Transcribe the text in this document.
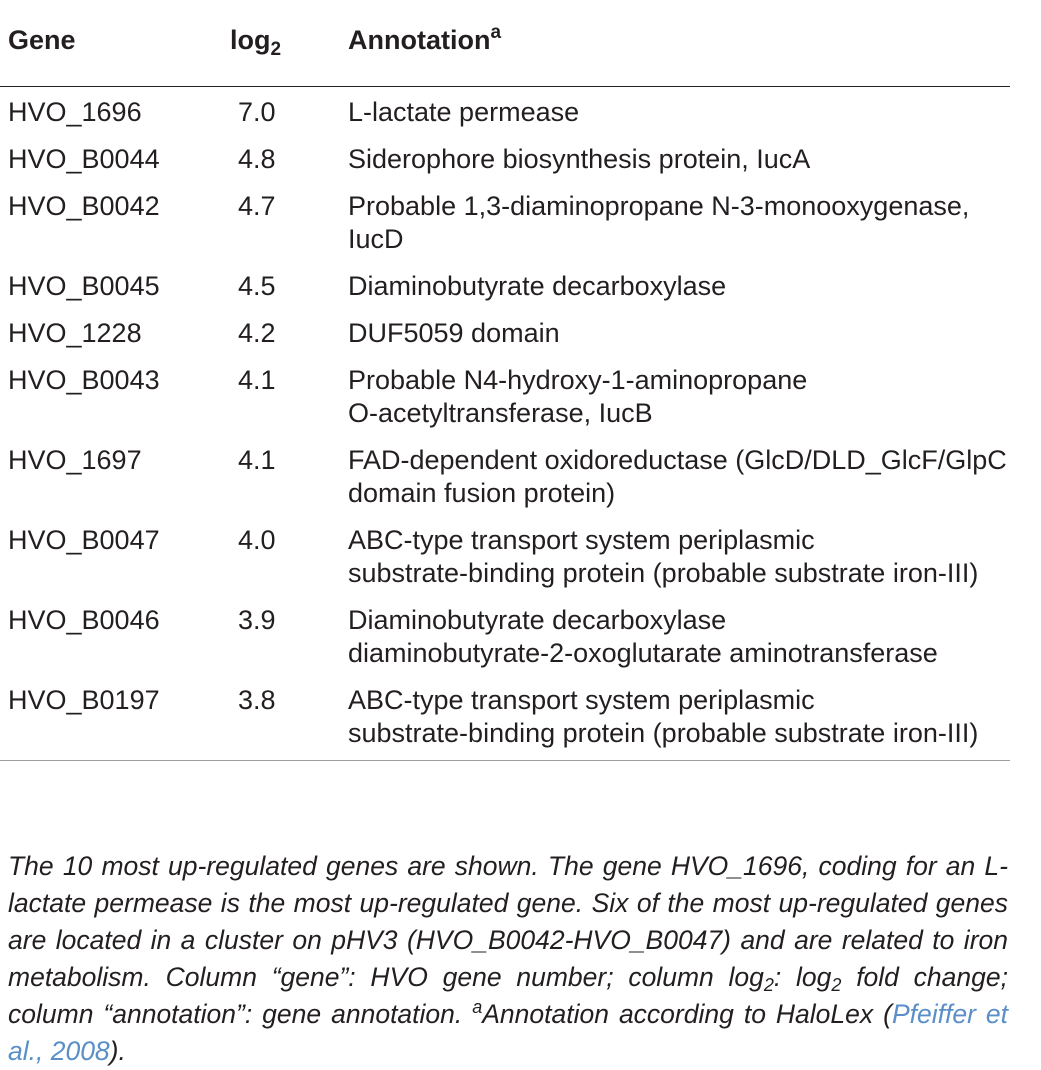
Gene	$\log_2$	Annotation$^a$
HVO_1696	7.0	L-lactate permease

HVO_B0044	4.8	Siderophore biosynthesis protein, IucA

HVO_B0042	4.7	Probable 1,3-diaminopropane N-3-monooxygenase,
IucD

HVO_B0045	4.5	Diaminobutyrate decarboxylase

HVO_1228	4.2	DUF5059 domain

HVO_B0043	4.1	Probable N4-hydroxy-1-aminopropane
O-acetyltransferase, IucB

HVO_1697	4.1	FAD-dependent oxidoreductase (GlcD/DLD_GlcF/GlpC
domain fusion protein)

HVO_B0047	4.0	ABC-type transport system periplasmic
substrate-binding protein (probable substrate iron-III)

HVO_B0046	3.9	Diaminobutyrate decarboxylase
diaminobutyrate-2-oxoglutarate aminotransferase

HVO_B0197	3.8	ABC-type transport system periplasmic
substrate-binding protein (probable substrate iron-III)

The 10 most up-regulated genes are shown. The gene HVO_1696, coding for an L-lactate permease is the most up-regulated gene. Six of the most up-regulated genes are located in a cluster on pHV3 (HVO_B0042-HVO_B0047) and are related to iron metabolism. Column “gene”: HVO gene number; column $\log_2$: $\log_2$ fold change; column “annotation”: gene annotation. $^a$Annotation according to HaloLex (Pfeiffer et al., 2008).
